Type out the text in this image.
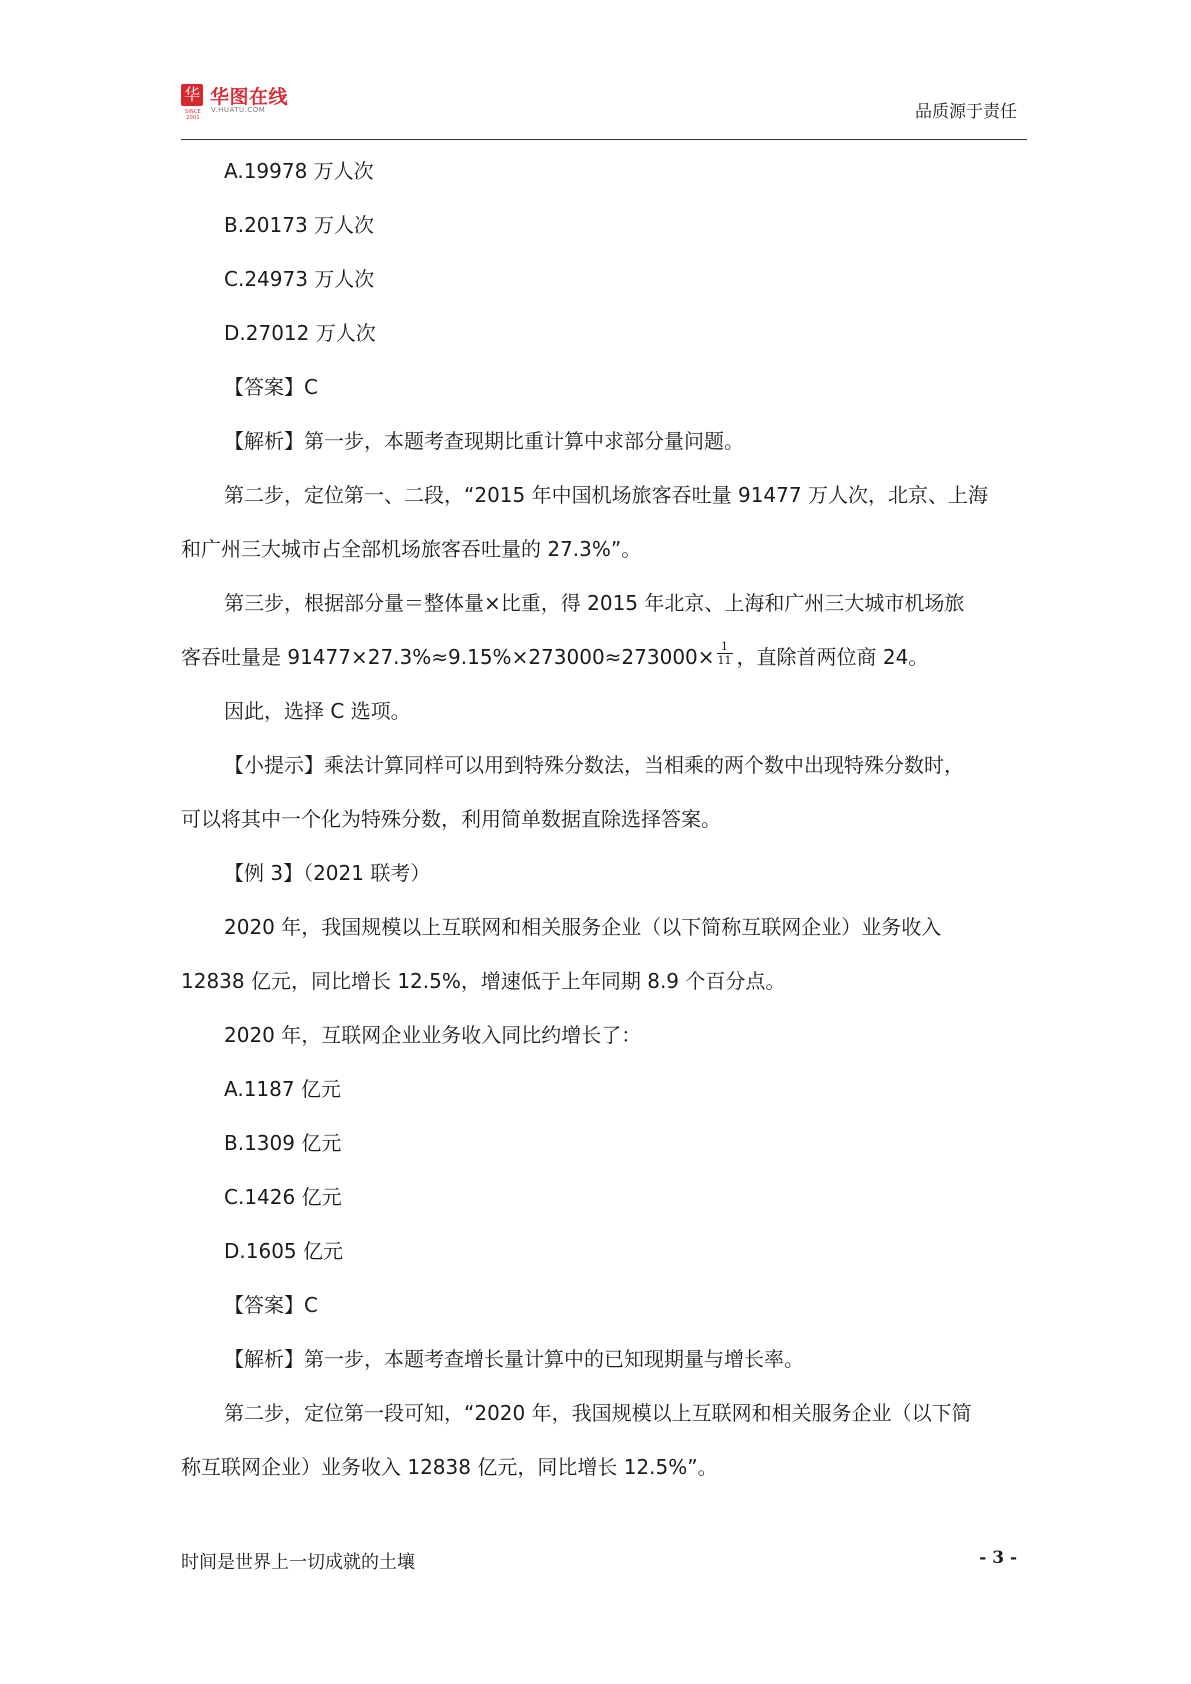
华
SINCE 2001
华图在线
V.HUATU.COM	品质源于责任

A.19978 万人次

B.20173 万人次

C.24973 万人次

D.27012 万人次

【答案】C

【解析】第一步，本题考查现期比重计算中求部分量问题。

第二步，定位第一、二段，“2015 年中国机场旅客吞吐量 91477 万人次，北京、上海

和广州三大城市占全部机场旅客吞吐量的 27.3%”。

第三步，根据部分量＝整体量×比重，得 2015 年北京、上海和广州三大城市机场旅

客吞吐量是 $91477\times 27.3\%\approx 9.15\%\times 273000\approx 273000\times \frac{1}{11}$ ，直除首两位商 24。

因此，选择 C 选项。

【小提示】乘法计算同样可以用到特殊分数法，当相乘的两个数中出现特殊分数时，

可以将其中一个化为特殊分数，利用简单数据直除选择答案。

【例 3】（2021 联考）

2020 年，我国规模以上互联网和相关服务企业（以下简称互联网企业）业务收入

12838 亿元，同比增长 12.5%，增速低于上年同期 8.9 个百分点。

2020 年，互联网企业业务收入同比约增长了：

A.1187 亿元

B.1309 亿元

C.1426 亿元

D.1605 亿元

【答案】C

【解析】第一步，本题考查增长量计算中的已知现期量与增长率。

第二步，定位第一段可知，“2020 年，我国规模以上互联网和相关服务企业（以下简

称互联网企业）业务收入 12838 亿元，同比增长 12.5%”。

时间是世界上一切成就的土壤	- 3 -
